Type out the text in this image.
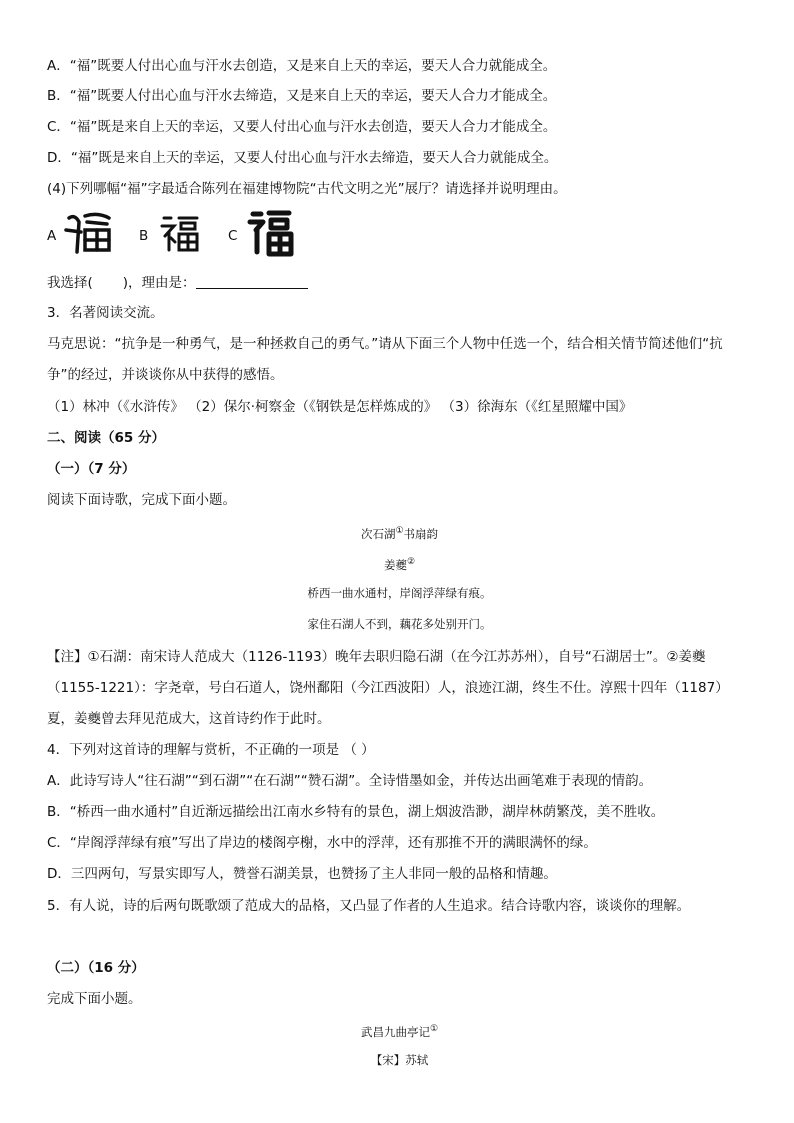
A．“福”既要人付出心血与汗水去创造，又是来自上天的幸运，要天人合力就能成全。
B．“福”既要人付出心血与汗水去缔造，又是来自上天的幸运，要天人合力才能成全。
C．“福”既是来自上天的幸运，又要人付出心血与汗水去创造，要天人合力才能成全。
D．“福”既是来自上天的幸运，又要人付出心血与汗水去缔造，要天人合力就能成全。
(4)下列哪幅“福”字最适合陈列在福建博物院“古代文明之光”展厅？请选择并说明理由。
A	B	C
我选择( )，理由是：
3．名著阅读交流。
马克思说：“抗争是一种勇气，是一种拯救自己的勇气。”请从下面三个人物中任选一个，结合相关情节简述他们“抗争”的经过，并谈谈你从中获得的感悟。
（1）林冲（《水浒传》 （2）保尔·柯察金（《钢铁是怎样炼成的》 （3）徐海东（《红星照耀中国》
二、阅读（65 分）
（一）（7 分）
阅读下面诗歌，完成下面小题。
次石湖①书扇韵
姜夔②
桥西一曲水通村，岸阁浮萍绿有痕。
家住石湖人不到，藕花多处别开门。
【注】①石湖：南宋诗人范成大（1126-1193）晚年去职归隐石湖（在今江苏苏州），自号“石湖居士”。②姜夔（1155-1221）：字尧章，号白石道人，饶州鄱阳（今江西波阳）人，浪迹江湖，终生不仕。淳熙十四年（1187）夏，姜夔曾去拜见范成大，这首诗约作于此时。
4．下列对这首诗的理解与赏析，不正确的一项是 （ ）
A．此诗写诗人“往石湖”“到石湖”“在石湖”“赞石湖”。全诗惜墨如金，并传达出画笔难于表现的情韵。
B．“桥西一曲水通村”自近渐远描绘出江南水乡特有的景色，湖上烟波浩渺，湖岸林荫繁茂，美不胜收。
C．“岸阁浮萍绿有痕”写出了岸边的楼阁亭榭，水中的浮萍，还有那推不开的满眼满怀的绿。
D．三四两句，写景实即写人，赞誉石湖美景，也赞扬了主人非同一般的品格和情趣。
5．有人说，诗的后两句既歌颂了范成大的品格，又凸显了作者的人生追求。结合诗歌内容，谈谈你的理解。
（二）（16 分）
完成下面小题。
武昌九曲亭记①
【宋】苏轼
